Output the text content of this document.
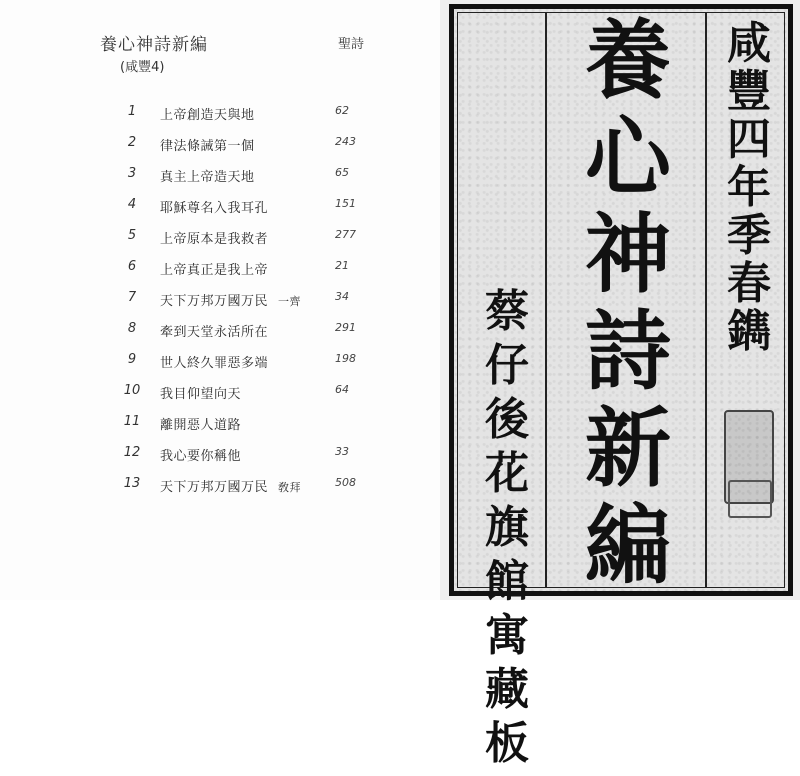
養心神詩新編
(咸豐4)
聖詩
1	上帝創造天與地	62
2	律法條誡第一個	243
3	真主上帝造天地	65
4	耶穌尊名入我耳孔	151
5	上帝原本是我救者	277
6	上帝真正是我上帝	21
7	天下万邦万國万民 一齊	34
8	牽到天堂永活所在	291
9	世人終久罪惡多端	198
10	我目仰望向天	64
11	離開惡人道路
12	我心要你稱他	33
13	天下万邦万國万民 敎拜	508
蔡
仔
後
花
旗
館
寓
藏
板
養
心
神
詩
新
編
咸
豐
四
年
季
春
鐫
